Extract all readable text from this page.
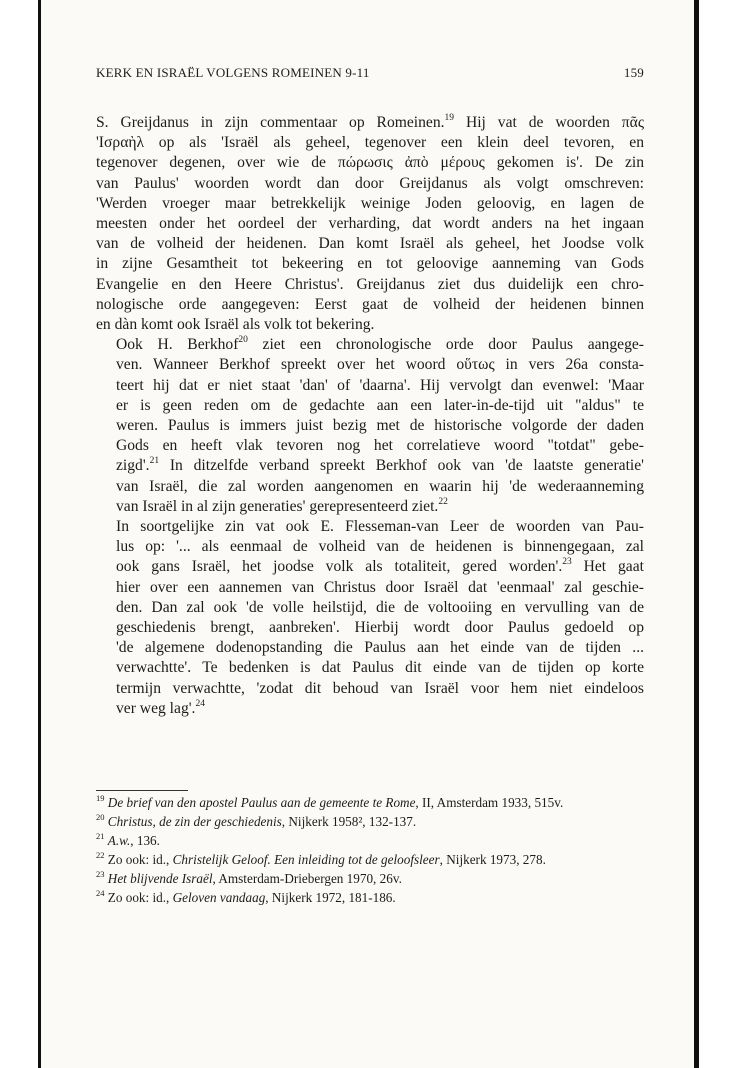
KERK EN ISRAËL VOLGENS ROMEINEN 9-11	159

S. Greijdanus in zijn commentaar op Romeinen.$^{19}$ Hij vat de woorden πᾶς
'Ισραὴλ op als 'Israël als geheel, tegenover een klein deel tevoren, en
tegenover degenen, over wie de πώρωσις ἀπὸ μέρους gekomen is'. De zin
van Paulus' woorden wordt dan door Greijdanus als volgt omschreven:
'Werden vroeger maar betrekkelijk weinige Joden geloovig, en lagen de
meesten onder het oordeel der verharding, dat wordt anders na het ingaan
van de volheid der heidenen. Dan komt Israël als geheel, het Joodse volk
in zijne Gesamtheit tot bekeering en tot geloovige aanneming van Gods
Evangelie en den Heere Christus'. Greijdanus ziet dus duidelijk een chro-
nologische orde aangegeven: Eerst gaat de volheid der heidenen binnen
en dàn komt ook Israël als volk tot bekering.

Ook H. Berkhof$^{20}$ ziet een chronologische orde door Paulus aangege-
ven. Wanneer Berkhof spreekt over het woord οὕτως in vers 26a consta-
teert hij dat er niet staat 'dan' of 'daarna'. Hij vervolgt dan evenwel: 'Maar
er is geen reden om de gedachte aan een later-in-de-tijd uit "aldus" te
weren. Paulus is immers juist bezig met de historische volgorde der daden
Gods en heeft vlak tevoren nog het correlatieve woord "totdat" gebe-
zigd'.$^{21}$ In ditzelfde verband spreekt Berkhof ook van 'de laatste generatie'
van Israël, die zal worden aangenomen en waarin hij 'de wederaanneming
van Israël in al zijn generaties' gerepresenteerd ziet.$^{22}$

In soortgelijke zin vat ook E. Flesseman-van Leer de woorden van Pau-
lus op: '... als eenmaal de volheid van de heidenen is binnengegaan, zal
ook gans Israël, het joodse volk als totaliteit, gered worden'.$^{23}$ Het gaat
hier over een aannemen van Christus door Israël dat 'eenmaal' zal geschie-
den. Dan zal ook 'de volle heilstijd, die de voltooiing en vervulling van de
geschiedenis brengt, aanbreken'. Hierbij wordt door Paulus gedoeld op
'de algemene dodenopstanding die Paulus aan het einde van de tijden ...
verwachtte'. Te bedenken is dat Paulus dit einde van de tijden op korte
termijn verwachtte, 'zodat dit behoud van Israël voor hem niet eindeloos
ver weg lag'.$^{24}$

$^{19}$ De brief van den apostel Paulus aan de gemeente te Rome, II, Amsterdam 1933, 515v.
$^{20}$ Christus, de zin der geschiedenis, Nijkerk 1958², 132-137.
$^{21}$ A.w., 136.
$^{22}$ Zo ook: id., Christelijk Geloof. Een inleiding tot de geloofsleer, Nijkerk 1973, 278.
$^{23}$ Het blijvende Israël, Amsterdam-Driebergen 1970, 26v.
$^{24}$ Zo ook: id., Geloven vandaag, Nijkerk 1972, 181-186.
